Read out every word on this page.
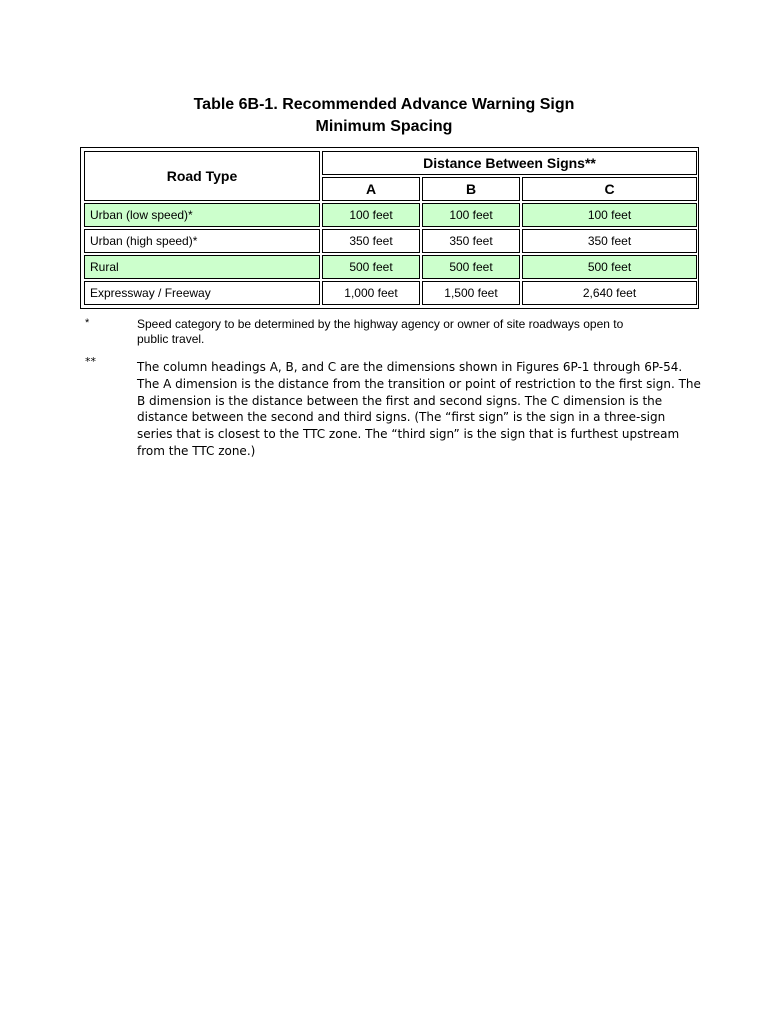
Table 6B-1. Recommended Advance Warning Sign
Minimum Spacing
Road Type	Distance Between Signs**		
	A	B	C
Urban (low speed)*	100 feet	100 feet	100 feet
Urban (high speed)*	350 feet	350 feet	350 feet
Rural	500 feet	500 feet	500 feet
Expressway / Freeway	1,000 feet	1,500 feet	2,640 feet
*	Speed category to be determined by the highway agency or owner of site roadways open to public travel.
**	The column headings A, B, and C are the dimensions shown in Figures 6P-1 through 6P-54. The A dimension is the distance from the transition or point of restriction to the first sign. The B dimension is the distance between the first and second signs. The C dimension is the distance between the second and third signs. (The “first sign” is the sign in a three-sign series that is closest to the TTC zone. The “third sign” is the sign that is furthest upstream from the TTC zone.)
